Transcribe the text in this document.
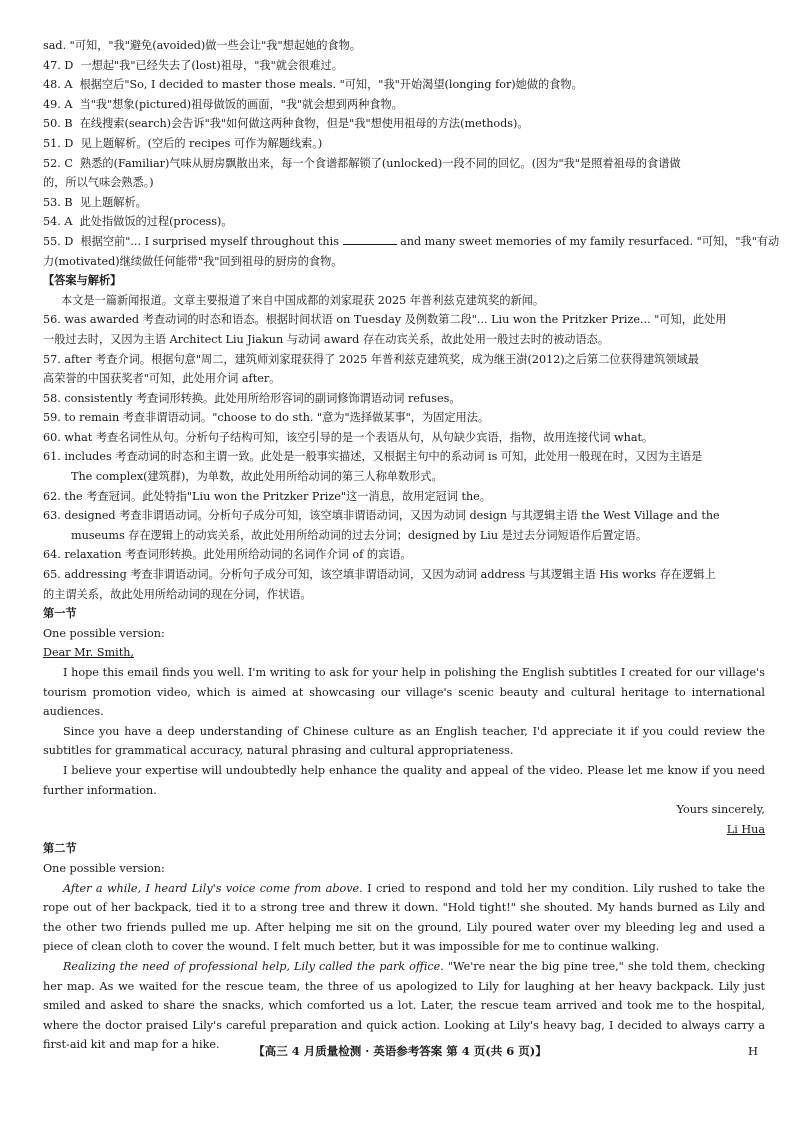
sad. "可知，"我"避免(avoided)做一些会让"我"想起她的食物。
47. D 一想起"我"已经失去了(lost)祖母，"我"就会很难过。
48. A 根据空后"So, I decided to master those meals. "可知，"我"开始渴望(longing for)她做的食物。
49. A 当"我"想象(pictured)祖母做饭的画面，"我"就会想到两种食物。
50. B 在线搜索(search)会告诉"我"如何做这两种食物，但是"我"想使用祖母的方法(methods)。
51. D 见上题解析。(空后的 recipes 可作为解题线索。)
52. C 熟悉的(Familiar)气味从厨房飘散出来，每一个食谱都解锁了(unlocked)一段不同的回忆。(因为"我"是照着祖母的食谱做
的，所以气味会熟悉。)
53. B 见上题解析。
54. A 此处指做饭的过程(process)。
55. D 根据空前"... I surprised myself throughout this	and many sweet memories of my family resurfaced. "可知，"我"有动
力(motivated)继续做任何能带"我"回到祖母的厨房的食物。
【答案与解析】
本文是一篇新闻报道。文章主要报道了来自中国成都的刘家琨获 2025 年普利兹克建筑奖的新闻。
56. was awarded 考查动词的时态和语态。根据时间状语 on Tuesday 及例数第二段"... Liu won the Pritzker Prize... "可知，此处用
一般过去时，又因为主语 Architect Liu Jiakun 与动词 award 存在动宾关系，故此处用一般过去时的被动语态。
57. after 考查介词。根据句意"周二，建筑师刘家琨获得了 2025 年普利兹克建筑奖，成为继王澍(2012)之后第二位获得建筑领域最
高荣誉的中国获奖者"可知，此处用介词 after。
58. consistently 考查词形转换。此处用所给形容词的副词修饰谓语动词 refuses。
59. to remain 考查非谓语动词。"choose to do sth. "意为"选择做某事"，为固定用法。
60. what 考查名词性从句。分析句子结构可知，该空引导的是一个表语从句，从句缺少宾语，指物，故用连接代词 what。
61. includes 考查动词的时态和主谓一致。此处是一般事实描述，又根据主句中的系动词 is 可知，此处用一般现在时，又因为主语是
The complex(建筑群)，为单数，故此处用所给动词的第三人称单数形式。
62. the 考查冠词。此处特指"Liu won the Pritzker Prize"这一消息，故用定冠词 the。
63. designed 考查非谓语动词。分析句子成分可知，该空填非谓语动词，又因为动词 design 与其逻辑主语 the West Village and the
museums 存在逻辑上的动宾关系，故此处用所给动词的过去分词；designed by Liu 是过去分词短语作后置定语。
64. relaxation 考查词形转换。此处用所给动词的名词作介词 of 的宾语。
65. addressing 考查非谓语动词。分析句子成分可知，该空填非谓语动词，又因为动词 address 与其逻辑主语 His works 存在逻辑上
的主谓关系，故此处用所给动词的现在分词，作状语。
第一节
One possible version:
Dear Mr. Smith,

I hope this email finds you well. I'm writing to ask for your help in polishing the English subtitles I created for our village's tourism promotion video, which is aimed at showcasing our village's scenic beauty and cultural heritage to international audiences.

Since you have a deep understanding of Chinese culture as an English teacher, I'd appreciate it if you could review the subtitles for grammatical accuracy, natural phrasing and cultural appropriateness.

I believe your expertise will undoubtedly help enhance the quality and appeal of the video. Please let me know if you need further information.

Yours sincerely,
Li Hua
第二节
One possible version:

After a while, I heard Lily's voice come from above. I cried to respond and told her my condition. Lily rushed to take the rope out of her backpack, tied it to a strong tree and threw it down. "Hold tight!" she shouted. My hands burned as Lily and the other two friends pulled me up. After helping me sit on the ground, Lily poured water over my bleeding leg and used a piece of clean cloth to cover the wound. I felt much better, but it was impossible for me to continue walking.

Realizing the need of professional help, Lily called the park office. "We're near the big pine tree," she told them, checking her map. As we waited for the rescue team, the three of us apologized to Lily for laughing at her heavy backpack. Lily just smiled and asked to share the snacks, which comforted us a lot. Later, the rescue team arrived and took me to the hospital, where the doctor praised Lily's careful preparation and quick action. Looking at Lily's heavy bag, I decided to always carry a first-aid kit and map for a hike.	【高三 4 月质量检测 · 英语参考答案 第 4 页(共 6 页)】	H
